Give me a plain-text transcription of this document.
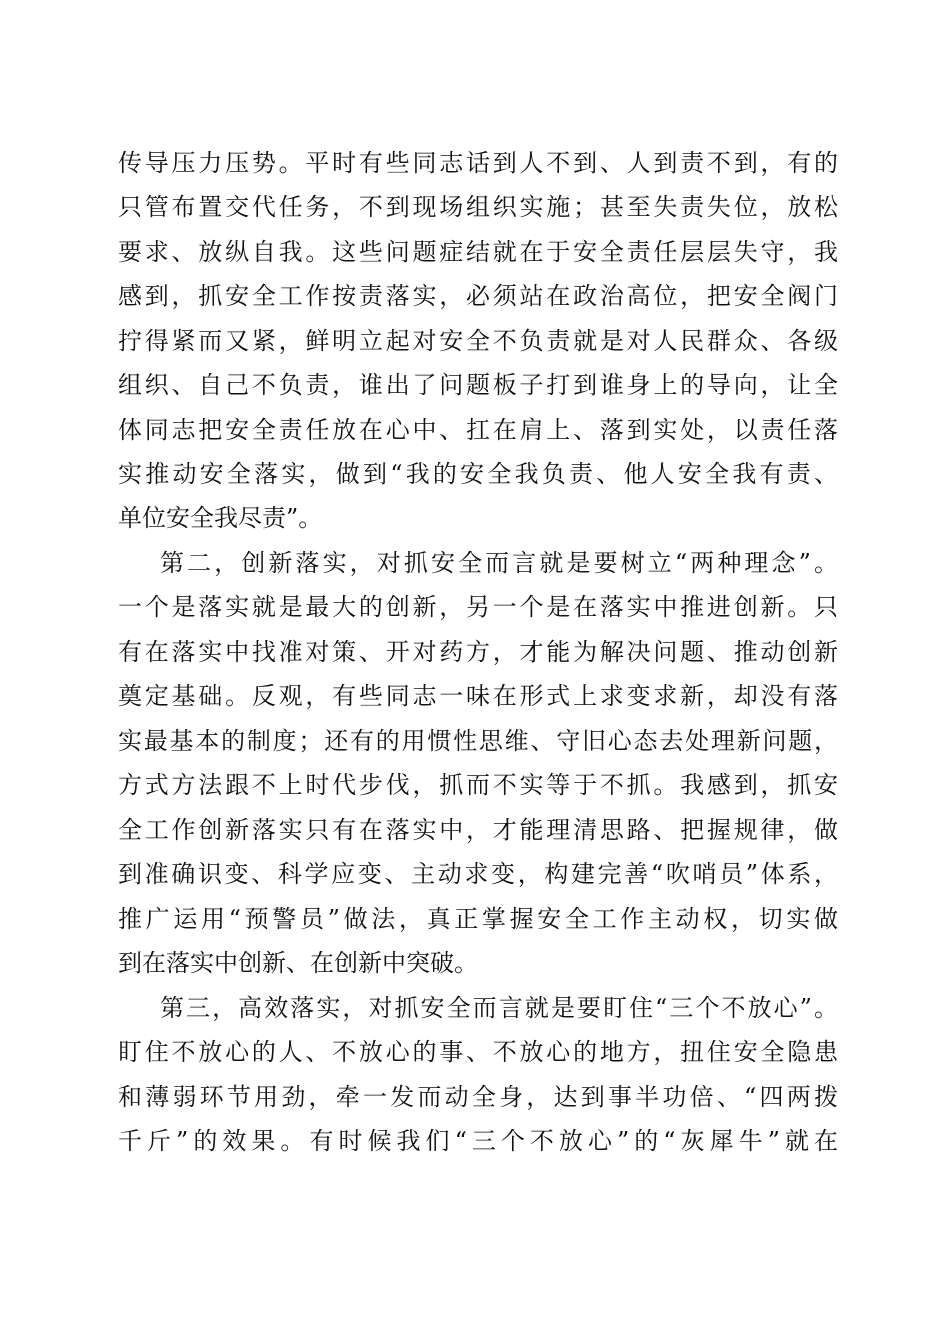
传导压力压势。平时有些同志话到人不到、人到责不到，有的
只管布置交代任务，不到现场组织实施；甚至失责失位，放松
要求、放纵自我。这些问题症结就在于安全责任层层失守，我
感到，抓安全工作按责落实，必须站在政治高位，把安全阀门
拧得紧而又紧，鲜明立起对安全不负责就是对人民群众、各级
组织、自己不负责，谁出了问题板子打到谁身上的导向，让全
体同志把安全责任放在心中、扛在肩上、落到实处，以责任落
实推动安全落实，做到“我的安全我负责、他人安全我有责、
单位安全我尽责”。
第二，创新落实，对抓安全而言就是要树立“两种理念”。
一个是落实就是最大的创新，另一个是在落实中推进创新。只
有在落实中找准对策、开对药方，才能为解决问题、推动创新
奠定基础。反观，有些同志一味在形式上求变求新，却没有落
实最基本的制度；还有的用惯性思维、守旧心态去处理新问题，
方式方法跟不上时代步伐，抓而不实等于不抓。我感到，抓安
全工作创新落实只有在落实中，才能理清思路、把握规律，做
到准确识变、科学应变、主动求变，构建完善“吹哨员”体系，
推广运用“预警员”做法，真正掌握安全工作主动权，切实做
到在落实中创新、在创新中突破。
第三，高效落实，对抓安全而言就是要盯住“三个不放心”。
盯住不放心的人、不放心的事、不放心的地方，扭住安全隐患
和薄弱环节用劲，牵一发而动全身，达到事半功倍、“四两拨
千斤”的效果。有时候我们“三个不放心”的“灰犀牛”就在
